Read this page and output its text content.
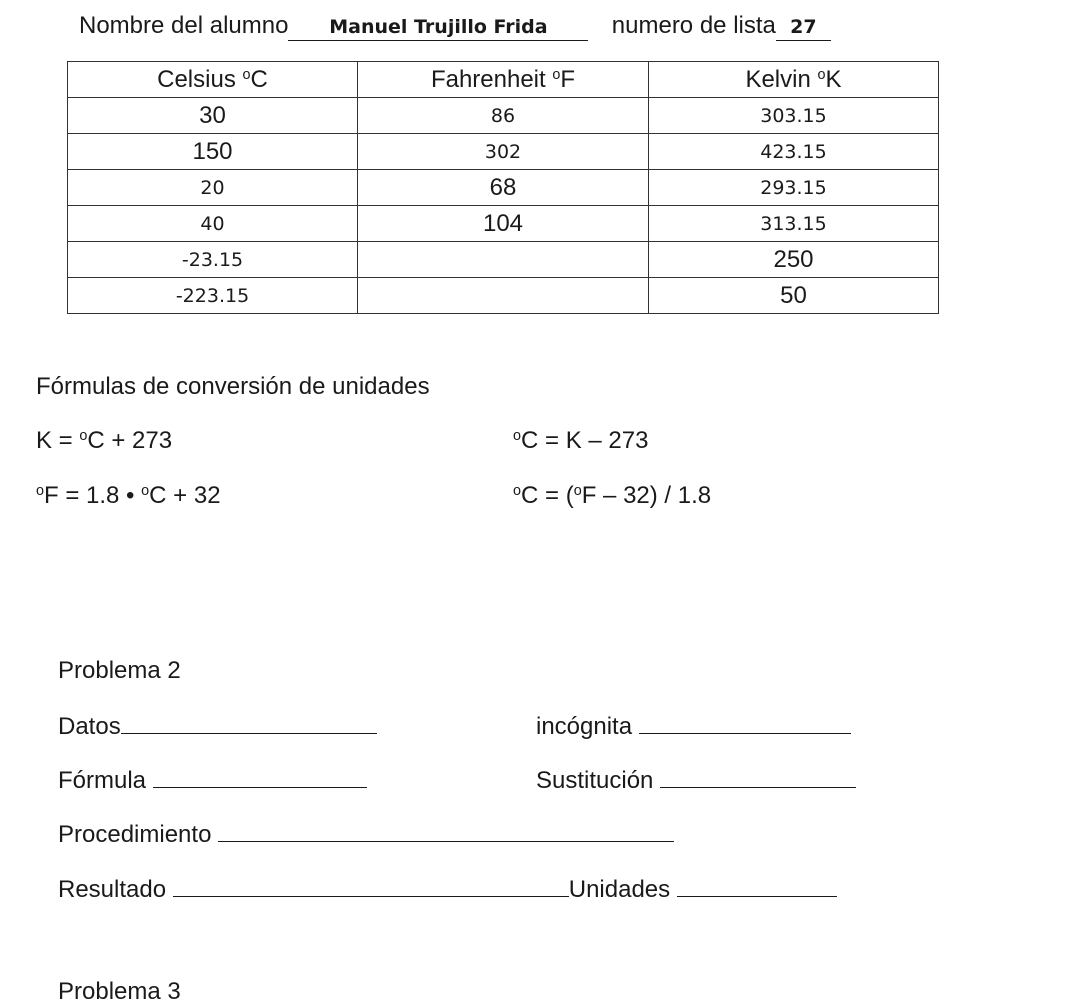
Nombre del alumno Manuel Trujillo Frida	numero de lista 27
Celsius $^o$C	Fahrenheit $^o$F	Kelvin $^o$K
30	86	303.15
150	302	423.15
20	68	293.15
40	104	313.15
-23.15		250
-223.15		50
Fórmulas de conversión de unidades
K = $^o$C + 273	$^o$C = K – 273
$^o$F = 1.8 • $^o$C + 32	$^o$C = ($^o$F – 32) / 1.8
Problema 2
Datos	incógnita
Fórmula	Sustitución
Procedimiento
Resultado	Unidades
Problema 3
